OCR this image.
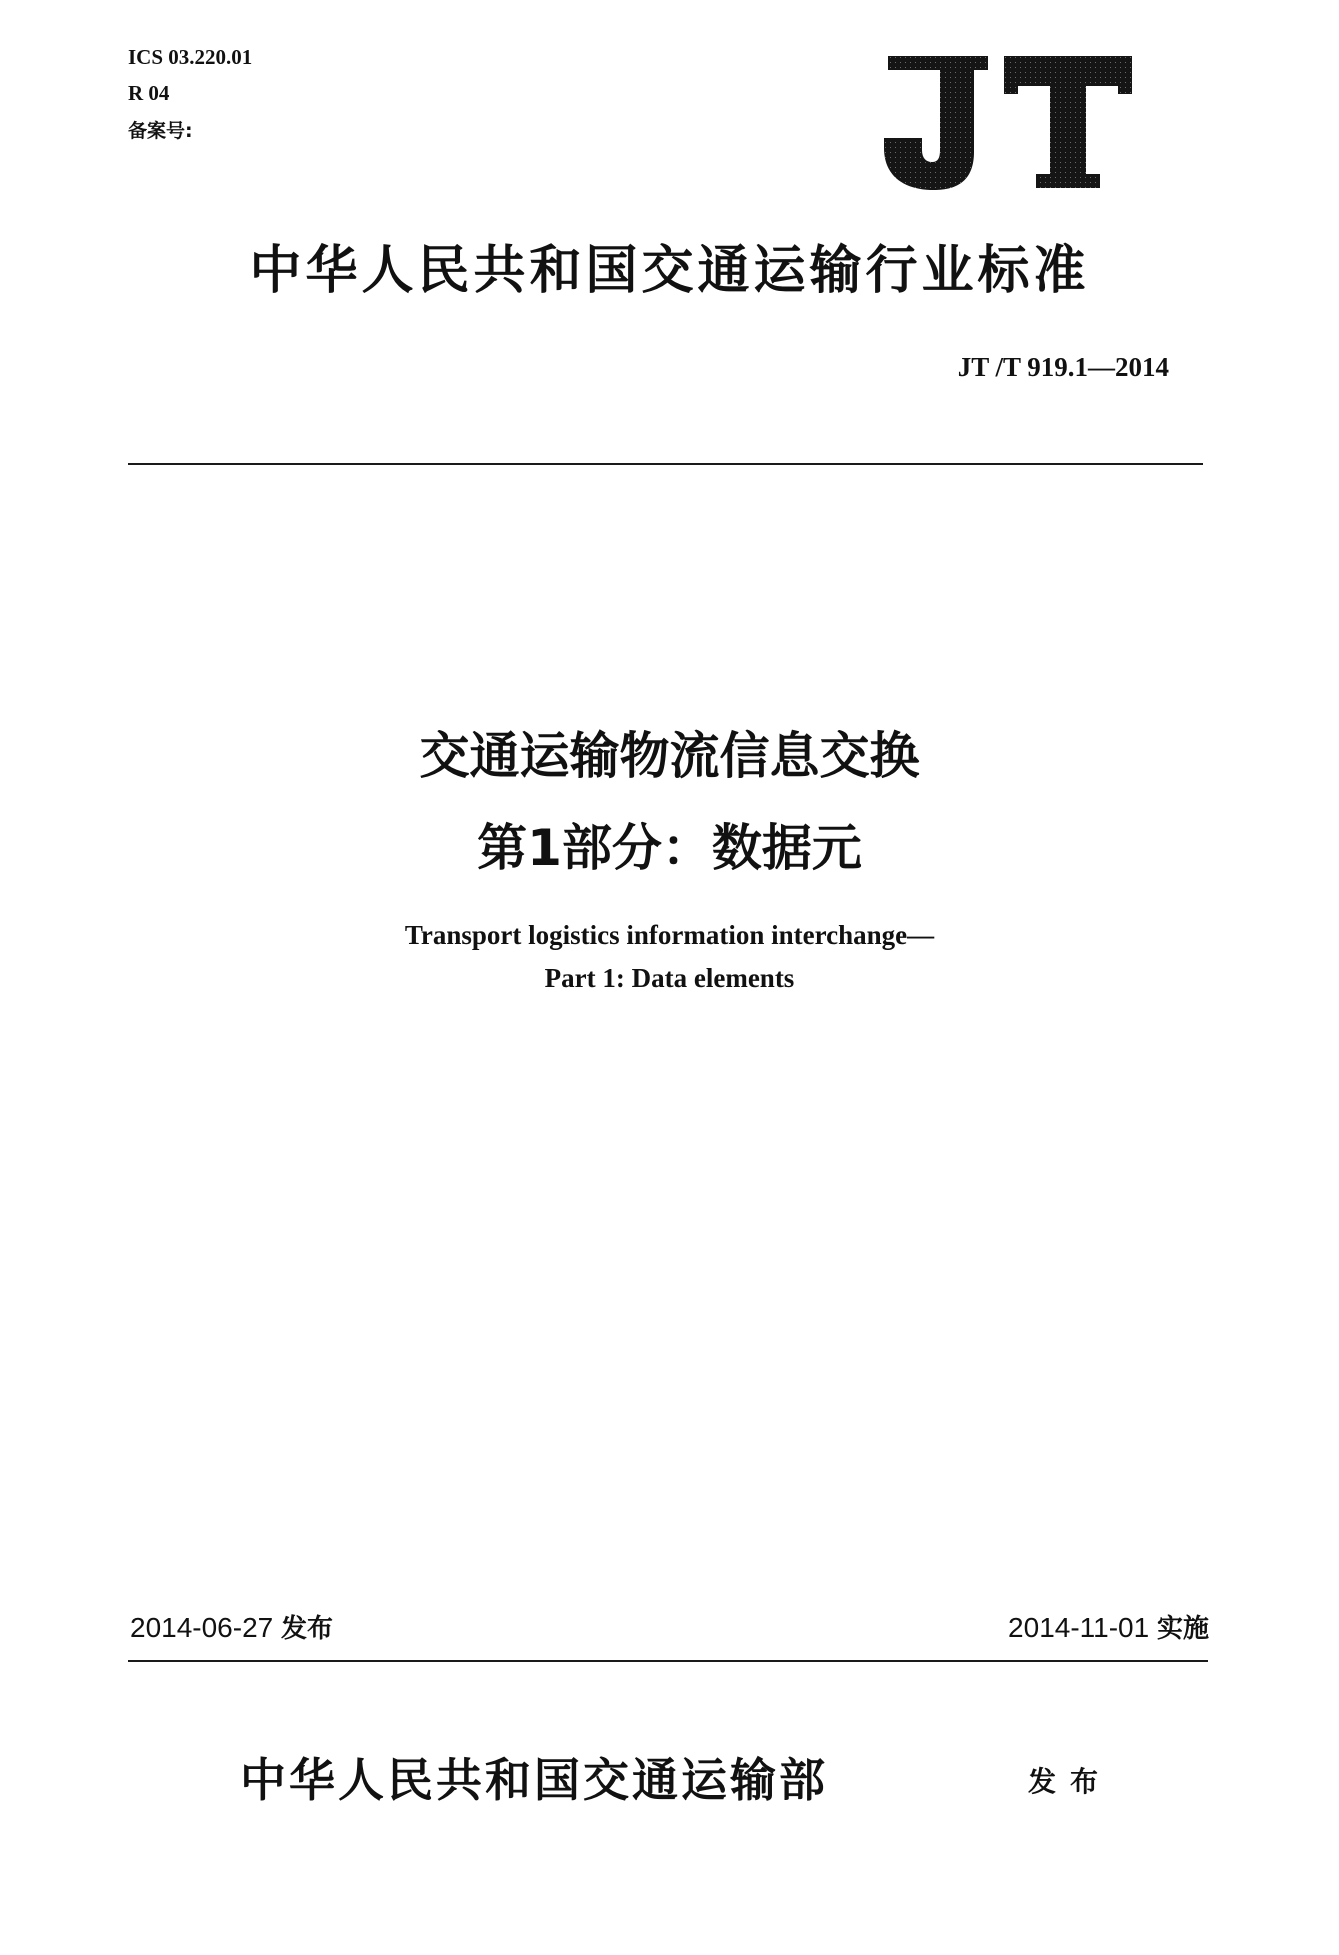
ICS 03.220.01
R 04
备案号:
中华人民共和国交通运输行业标准
JT /T 919.1—2014
交通运输物流信息交换
第1部分：数据元
Transport logistics information interchange—
Part 1: Data elements
2014-06-27 发布	2014-11-01 实施
中华人民共和国交通运输部	发布
